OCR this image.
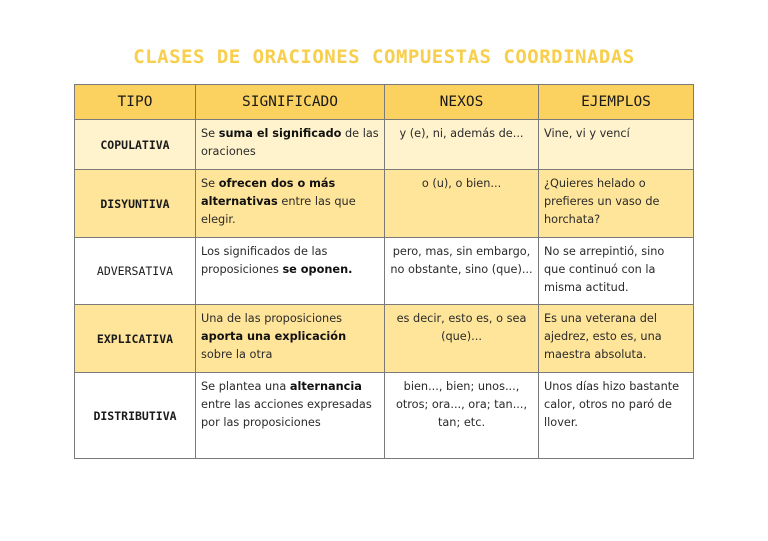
CLASES DE ORACIONES COMPUESTAS COORDINADAS
TIPO	SIGNIFICADO	NEXOS	EJEMPLOS
COPULATIVA	Se suma el significado de las oraciones	y (e), ni, además de...	Vine, vi y vencí
DISYUNTIVA	Se ofrecen dos o más alternativas entre las que elegir.	o (u), o bien...	¿Quieres helado o prefieres un vaso de horchata?
ADVERSATIVA	Los significados de las proposiciones se oponen.	pero, mas, sin embargo, no obstante, sino (que)...	No se arrepintió, sino que continuó con la misma actitud.
EXPLICATIVA	Una de las proposiciones aporta una explicación sobre la otra	es decir, esto es, o sea (que)...	Es una veterana del ajedrez, esto es, una maestra absoluta.
DISTRIBUTIVA	Se plantea una alternancia entre las acciones expresadas por las proposiciones	bien..., bien; unos..., otros; ora..., ora; tan..., tan; etc.	Unos días hizo bastante calor, otros no paró de llover.
